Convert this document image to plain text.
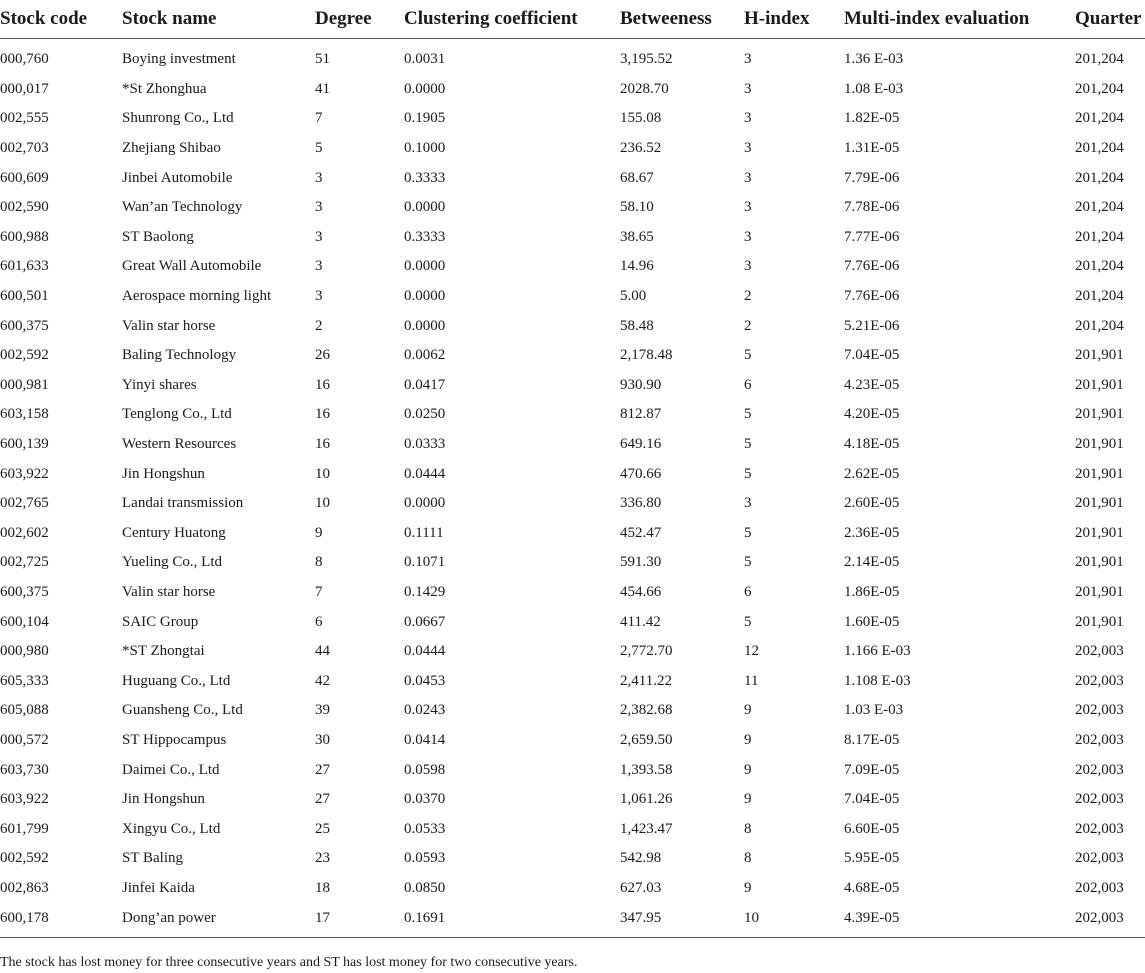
Stock code	Stock name	Degree	Clustering coefficient	Betweeness	H-index	Multi-index evaluation	Quarter
000,760	Boying investment	51	0.0031	3,195.52	3	1.36 E-03	201,204
000,017	*St Zhonghua	41	0.0000	2028.70	3	1.08 E-03	201,204
002,555	Shunrong Co., Ltd	7	0.1905	155.08	3	1.82E-05	201,204
002,703	Zhejiang Shibao	5	0.1000	236.52	3	1.31E-05	201,204
600,609	Jinbei Automobile	3	0.3333	68.67	3	7.79E-06	201,204
002,590	Wan’an Technology	3	0.0000	58.10	3	7.78E-06	201,204
600,988	ST Baolong	3	0.3333	38.65	3	7.77E-06	201,204
601,633	Great Wall Automobile	3	0.0000	14.96	3	7.76E-06	201,204
600,501	Aerospace morning light	3	0.0000	5.00	2	7.76E-06	201,204
600,375	Valin star horse	2	0.0000	58.48	2	5.21E-06	201,204
002,592	Baling Technology	26	0.0062	2,178.48	5	7.04E-05	201,901
000,981	Yinyi shares	16	0.0417	930.90	6	4.23E-05	201,901
603,158	Tenglong Co., Ltd	16	0.0250	812.87	5	4.20E-05	201,901
600,139	Western Resources	16	0.0333	649.16	5	4.18E-05	201,901
603,922	Jin Hongshun	10	0.0444	470.66	5	2.62E-05	201,901
002,765	Landai transmission	10	0.0000	336.80	3	2.60E-05	201,901
002,602	Century Huatong	9	0.1111	452.47	5	2.36E-05	201,901
002,725	Yueling Co., Ltd	8	0.1071	591.30	5	2.14E-05	201,901
600,375	Valin star horse	7	0.1429	454.66	6	1.86E-05	201,901
600,104	SAIC Group	6	0.0667	411.42	5	1.60E-05	201,901
000,980	*ST Zhongtai	44	0.0444	2,772.70	12	1.166 E-03	202,003
605,333	Huguang Co., Ltd	42	0.0453	2,411.22	11	1.108 E-03	202,003
605,088	Guansheng Co., Ltd	39	0.0243	2,382.68	9	1.03 E-03	202,003
000,572	ST Hippocampus	30	0.0414	2,659.50	9	8.17E-05	202,003
603,730	Daimei Co., Ltd	27	0.0598	1,393.58	9	7.09E-05	202,003
603,922	Jin Hongshun	27	0.0370	1,061.26	9	7.04E-05	202,003
601,799	Xingyu Co., Ltd	25	0.0533	1,423.47	8	6.60E-05	202,003
002,592	ST Baling	23	0.0593	542.98	8	5.95E-05	202,003
002,863	Jinfei Kaida	18	0.0850	627.03	9	4.68E-05	202,003
600,178	Dong’an power	17	0.1691	347.95	10	4.39E-05	202,003
The stock has lost money for three consecutive years and ST has lost money for two consecutive years.
